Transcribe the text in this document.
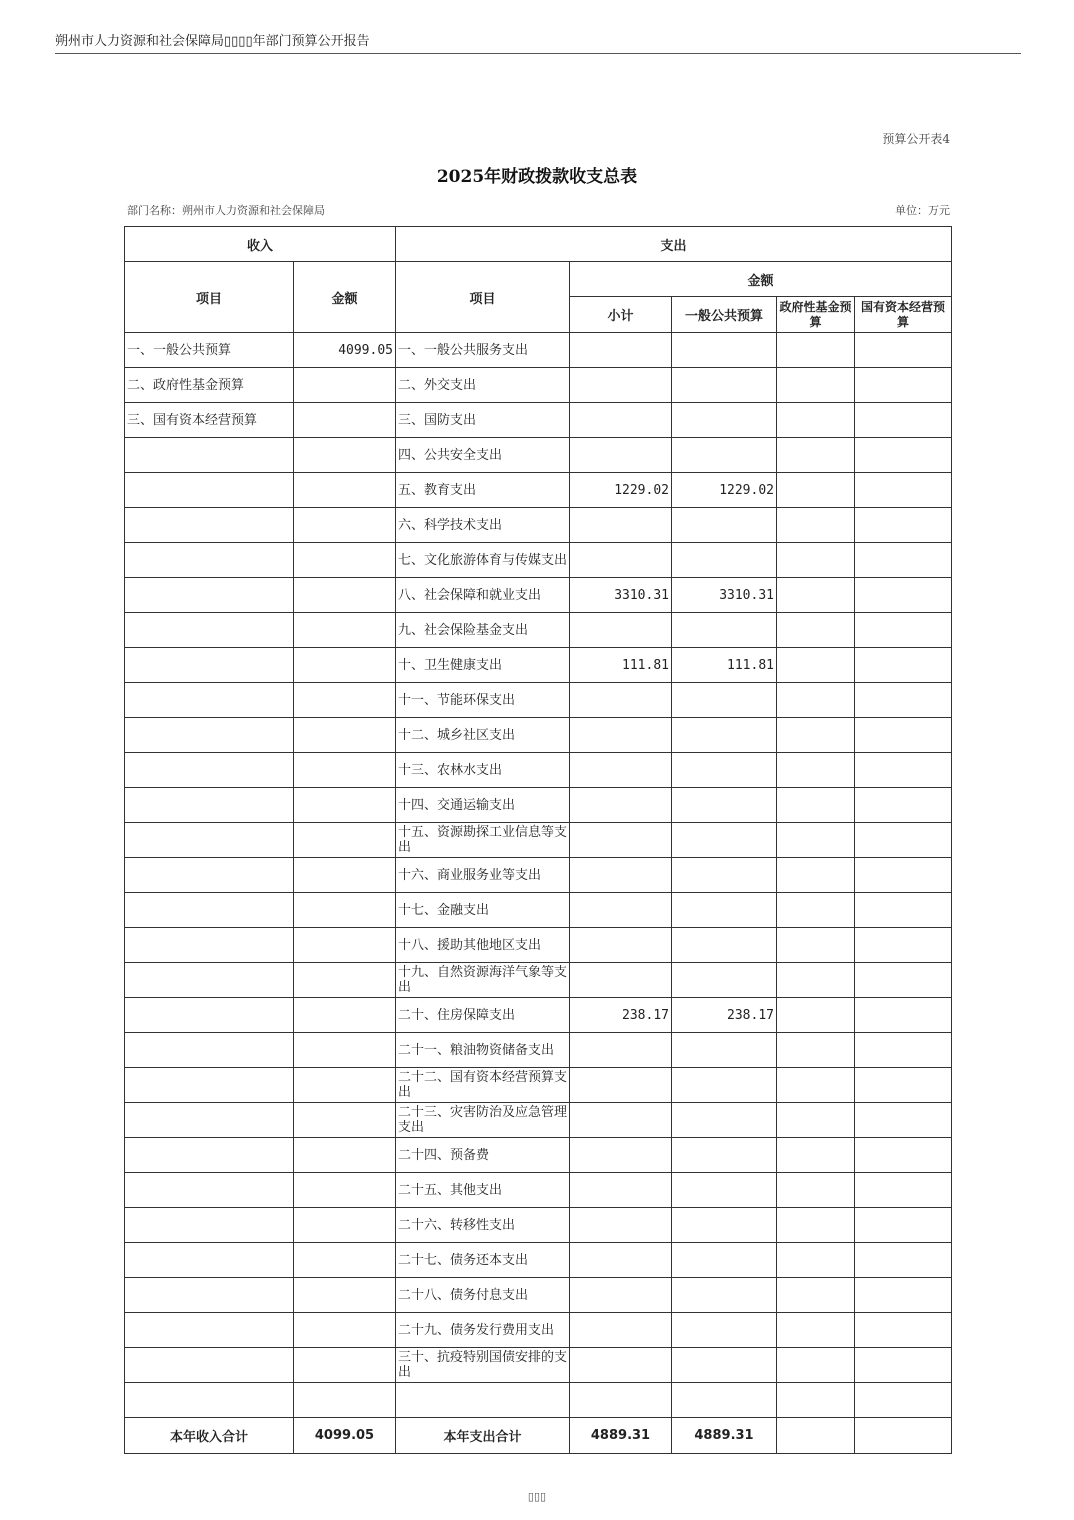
朔州市人力资源和社会保障局▯▯▯▯年部门预算公开报告
预算公开表4
2025年财政拨款收支总表
部门名称：朔州市人力资源和社会保障局	单位：万元
收入		支出				
项目	金额	项目	金额			
			小计	一般公共预算	政府性基金预算	国有资本经营预算
一、一般公共预算	4099.05	一、一般公共服务支出				
二、政府性基金预算		二、外交支出				
三、国有资本经营预算		三、国防支出				
		四、公共安全支出				
		五、教育支出	1229.02	1229.02		
		六、科学技术支出				
		七、文化旅游体育与传媒支出				
		八、社会保障和就业支出	3310.31	3310.31		
		九、社会保险基金支出				
		十、卫生健康支出	111.81	111.81		
		十一、节能环保支出				
		十二、城乡社区支出				
		十三、农林水支出				
		十四、交通运输支出				
		十五、资源勘探工业信息等支出				
		十六、商业服务业等支出				
		十七、金融支出				
		十八、援助其他地区支出				
		十九、自然资源海洋气象等支出				
		二十、住房保障支出	238.17	238.17		
		二十一、粮油物资储备支出				
		二十二、国有资本经营预算支出				
		二十三、灾害防治及应急管理支出				
		二十四、预备费				
		二十五、其他支出				
		二十六、转移性支出				
		二十七、债务还本支出				
		二十八、债务付息支出				
		二十九、债务发行费用支出				
		三十、抗疫特别国债安排的支出				

本年收入合计	4099.05	本年支出合计	4889.31	4889.31		
▯▯▯
